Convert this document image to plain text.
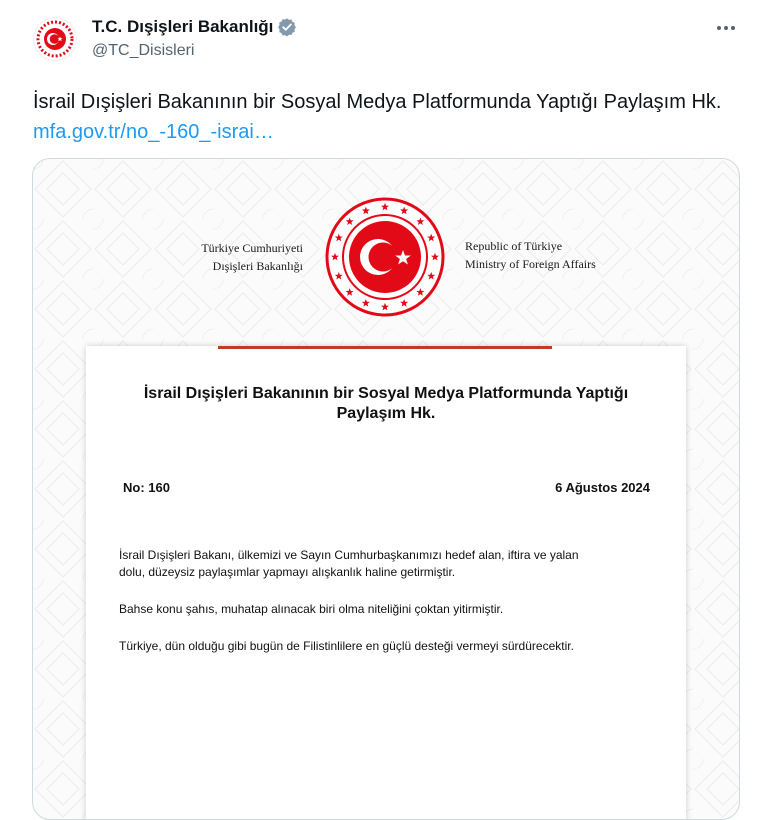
T.C. Dışişleri Bakanlığı
@TC_Disisleri
İsrail Dışişleri Bakanının bir Sosyal Medya Platformunda Yaptığı Paylaşım Hk.
mfa.gov.tr/no_-160_-israi…
Türkiye Cumhuriyeti
Dışişleri Bakanlığı
Republic of Türkiye
Ministry of Foreign Affairs
İsrail Dışişleri Bakanının bir Sosyal Medya Platformunda Yaptığı
Paylaşım Hk.
No: 160	6 Ağustos 2024
İsrail Dışişleri Bakanı, ülkemizi ve Sayın Cumhurbaşkanımızı hedef alan, iftira ve yalan
dolu, düzeysiz paylaşımlar yapmayı alışkanlık haline getirmiştir.
Bahse konu şahıs, muhatap alınacak biri olma niteliğini çoktan yitirmiştir.
Türkiye, dün olduğu gibi bugün de Filistinlilere en güçlü desteği vermeyi sürdürecektir.
